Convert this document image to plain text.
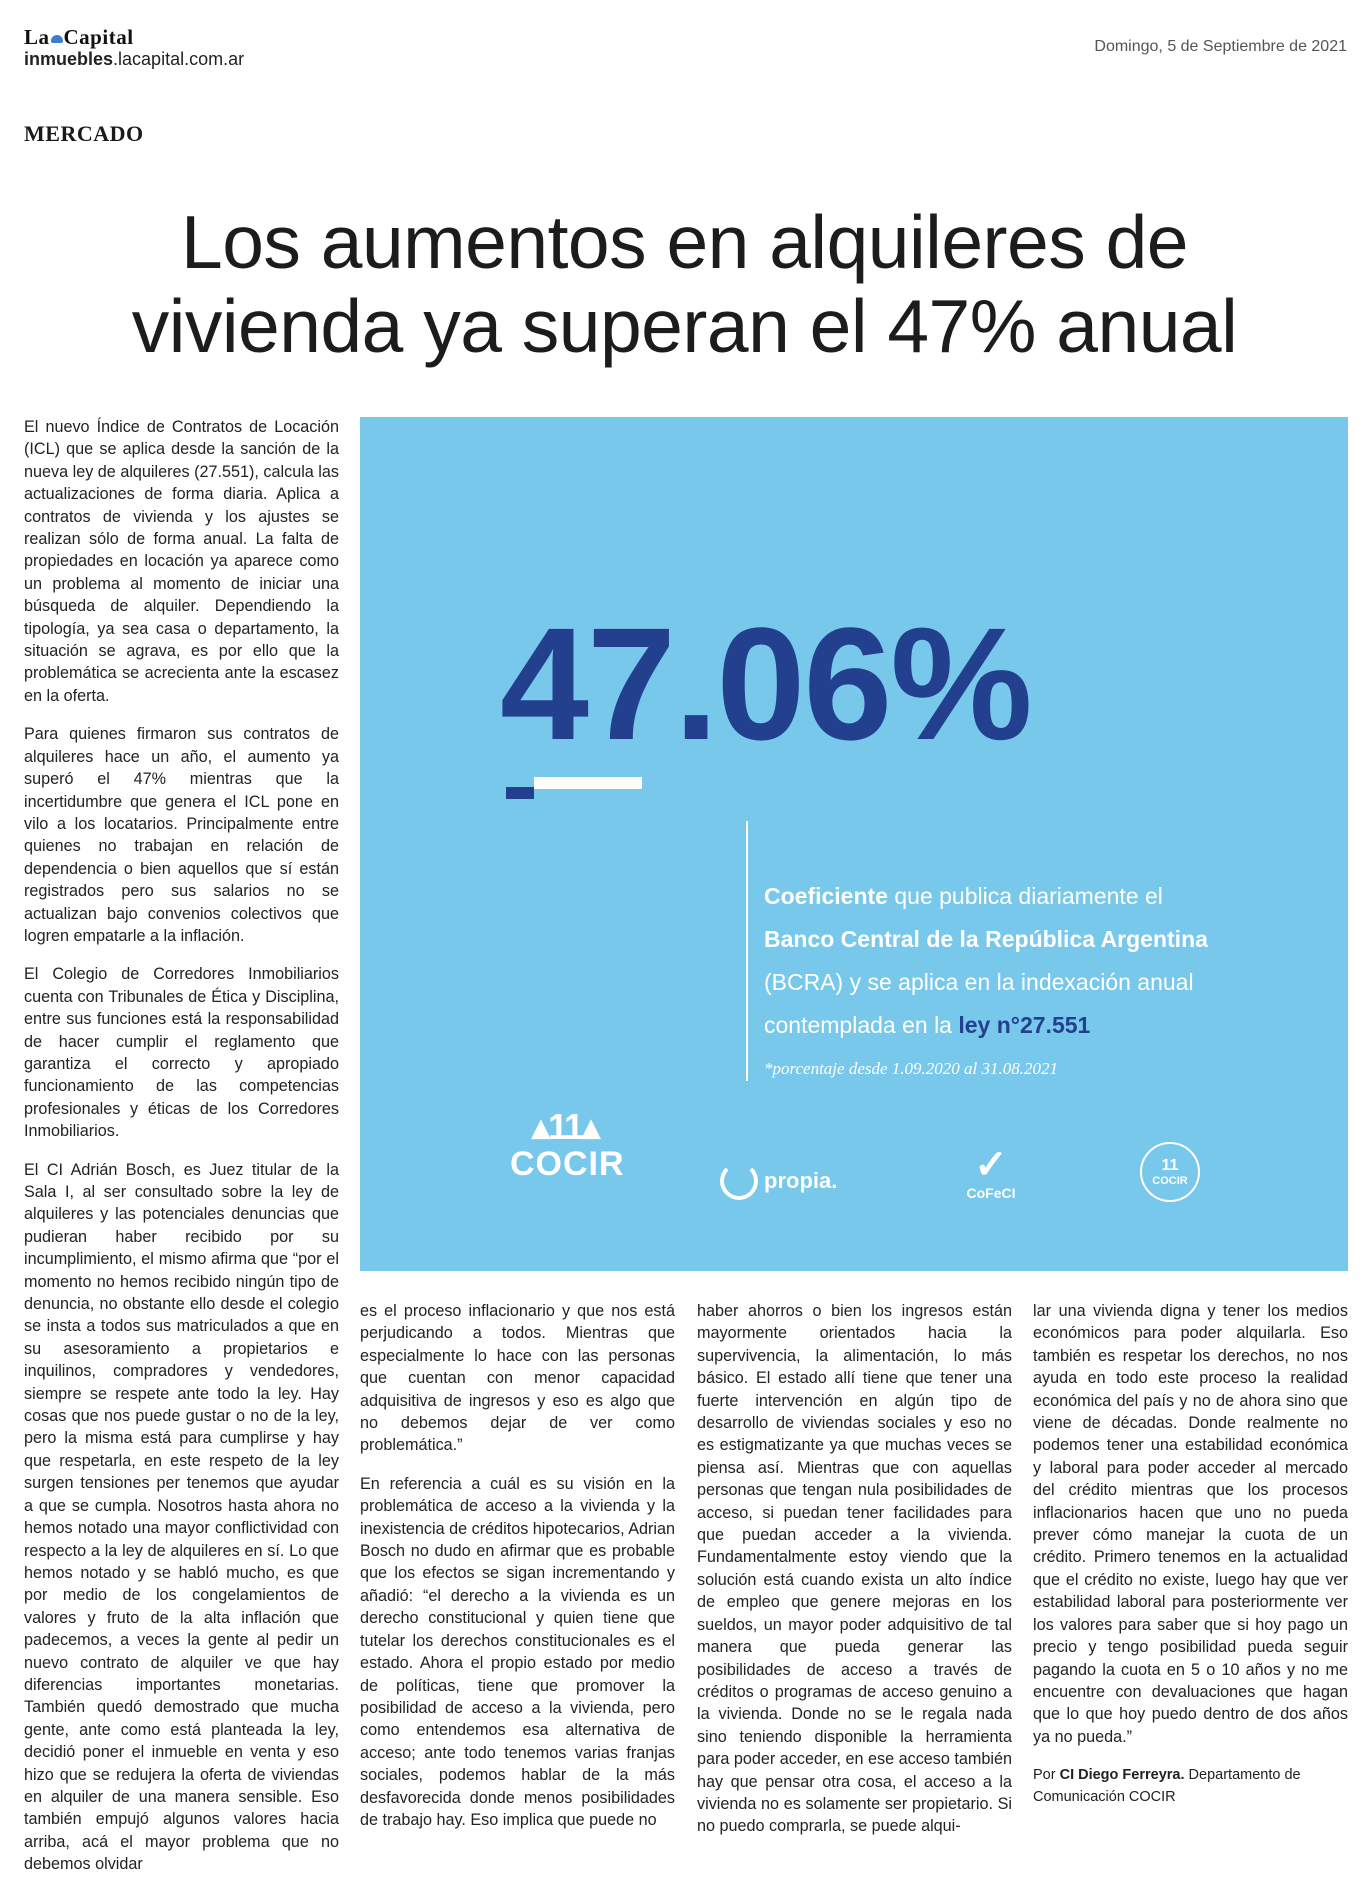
La Capital
inmuebles.lacapital.com.ar
Domingo, 5 de Septiembre de 2021
MERCADO
Los aumentos en alquileres de
vivienda ya superan el 47% anual

El nuevo Índice de Contratos de Locación (ICL) que se aplica desde la sanción de la nueva ley de alquileres (27.551), calcula las actualizaciones de forma diaria. Aplica a contratos de vivienda y los ajustes se realizan sólo de forma anual. La falta de propiedades en locación ya aparece como un problema al momento de iniciar una búsqueda de alquiler. Dependiendo la tipología, ya sea casa o departamento, la situación se agrava, es por ello que la problemática se acrecienta ante la escasez en la oferta.

Para quienes firmaron sus contratos de alquileres hace un año, el aumento ya superó el 47% mientras que la incertidumbre que genera el ICL pone en vilo a los locatarios. Principalmente entre quienes no trabajan en relación de dependencia o bien aquellos que sí están registrados pero sus salarios no se actualizan bajo convenios colectivos que logren empatarle a la inflación.

El Colegio de Corredores Inmobiliarios cuenta con Tribunales de Ética y Disciplina, entre sus funciones está la responsabilidad de hacer cumplir el reglamento que garantiza el correcto y apropiado funcionamiento de las competencias profesionales y éticas de los Corredores Inmobiliarios.

El CI Adrián Bosch, es Juez titular de la Sala I, al ser consultado sobre la ley de alquileres y las potenciales denuncias que pudieran haber recibido por su incumplimiento, el mismo afirma que “por el momento no hemos recibido ningún tipo de denuncia, no obstante ello desde el colegio se insta a todos sus matriculados a que en su asesoramiento a propietarios e inquilinos, compradores y vendedores, siempre se respete ante todo la ley. Hay cosas que nos puede gustar o no de la ley, pero la misma está para cumplirse y hay que respetarla, en este respeto de la ley surgen tensiones per tenemos que ayudar a que se cumpla. Nosotros hasta ahora no hemos notado una mayor conflictividad con respecto a la ley de alquileres en sí. Lo que hemos notado y se habló mucho, es que por medio de los congelamientos de valores y fruto de la alta inflación que padecemos, a veces la gente al pedir un nuevo contrato de alquiler ve que hay diferencias importantes monetarias. También quedó demostrado que mucha gente, ante como está planteada la ley, decidió poner el inmueble en venta y eso hizo que se redujera la oferta de viviendas en alquiler de una manera sensible. Eso también empujó algunos valores hacia arriba, acá el mayor problema que no debemos olvidar

47.06%
Coeficiente que publica diariamente el
Banco Central de la República Argentina
(BCRA) y se aplica en la indexación anual
contemplada en la ley n°27.551
*porcentaje desde 1.09.2020 al 31.08.2021
▴11▴
COCIR	propia.	✓
CoFeCI
11
COCIR

es el proceso inflacionario y que nos está perjudicando a todos. Mientras que especialmente lo hace con las personas que cuentan con menor capacidad adquisitiva de ingresos y eso es algo que no debemos dejar de ver como problemática.”

En referencia a cuál es su visión en la problemática de acceso a la vivienda y la inexistencia de créditos hipotecarios, Adrian Bosch no dudo en afirmar que es probable que los efectos se sigan incrementando y añadió: “el derecho a la vivienda es un derecho constitucional y quien tiene que tutelar los derechos constitucionales es el estado. Ahora el propio estado por medio de políticas, tiene que promover la posibilidad de acceso a la vivienda, pero como entendemos esa alternativa de acceso; ante todo tenemos varias franjas sociales, podemos hablar de la más desfavorecida donde menos posibilidades de trabajo hay. Eso implica que puede no

haber ahorros o bien los ingresos están mayormente orientados hacia la supervivencia, la alimentación, lo más básico. El estado allí tiene que tener una fuerte intervención en algún tipo de desarrollo de viviendas sociales y eso no es estigmatizante ya que muchas veces se piensa así. Mientras que con aquellas personas que tengan nula posibilidades de acceso, si puedan tener facilidades para que puedan acceder a la vivienda. Fundamentalmente estoy viendo que la solución está cuando exista un alto índice de empleo que genere mejoras en los sueldos, un mayor poder adquisitivo de tal manera que pueda generar las posibilidades de acceso a través de créditos o programas de acceso genuino a la vivienda. Donde no se le regala nada sino teniendo disponible la herramienta para poder acceder, en ese acceso también hay que pensar otra cosa, el acceso a la vivienda no es solamente ser propietario. Si no puedo comprarla, se puede alqui-

lar una vivienda digna y tener los medios económicos para poder alquilarla. Eso también es respetar los derechos, no nos ayuda en todo este proceso la realidad económica del país y no de ahora sino que viene de décadas. Donde realmente no podemos tener una estabilidad económica y laboral para poder acceder al mercado del crédito mientras que los procesos inflacionarios hacen que uno no pueda prever cómo manejar la cuota de un crédito. Primero tenemos en la actualidad que el crédito no existe, luego hay que ver estabilidad laboral para posteriormente ver los valores para saber que si hoy pago un precio y tengo posibilidad pueda seguir pagando la cuota en 5 o 10 años y no me encuentre con devaluaciones que hagan que lo que hoy puedo dentro de dos años ya no pueda.”

Por CI Diego Ferreyra. Departamento de Comunicación COCIR
